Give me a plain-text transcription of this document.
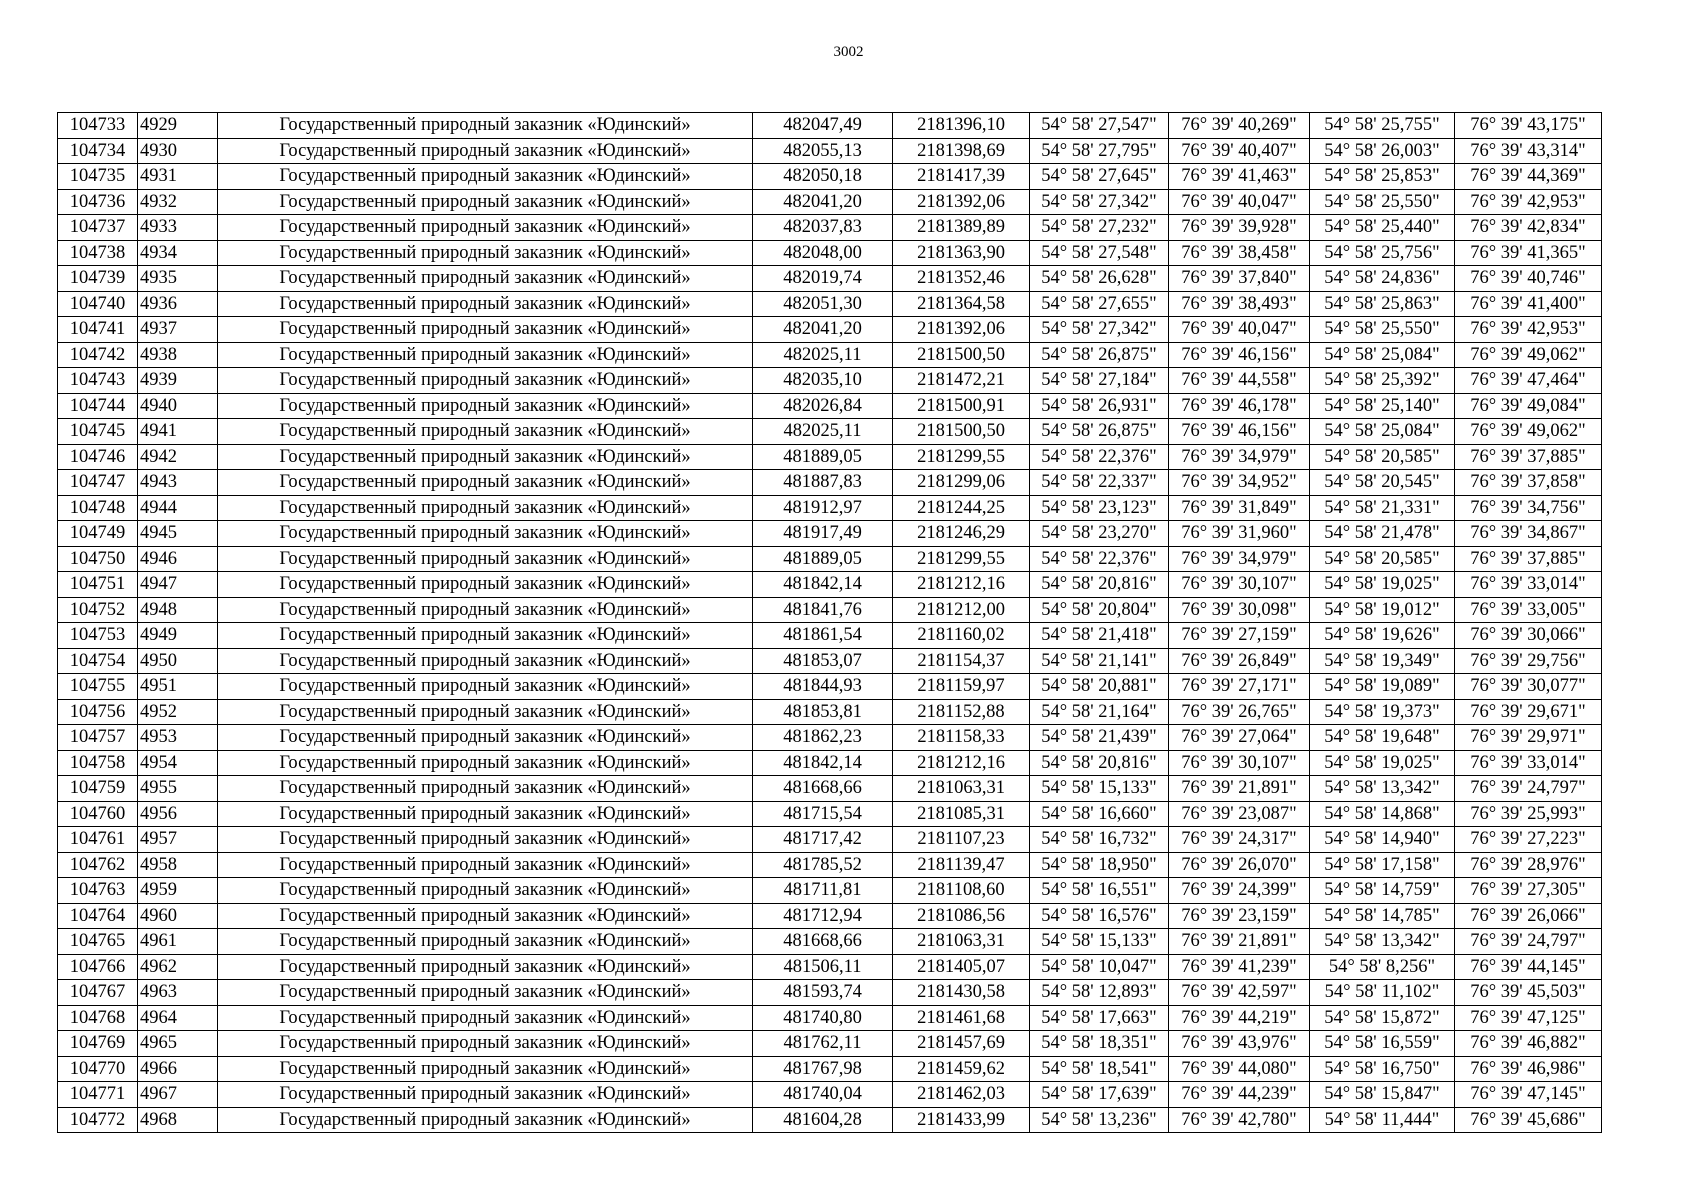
3002
104733	4929	Государственный природный заказник «Юдинский»	482047,49	2181396,10	54° 58' 27,547"	76° 39' 40,269"	54° 58' 25,755"	76° 39' 43,175"
104734	4930	Государственный природный заказник «Юдинский»	482055,13	2181398,69	54° 58' 27,795"	76° 39' 40,407"	54° 58' 26,003"	76° 39' 43,314"
104735	4931	Государственный природный заказник «Юдинский»	482050,18	2181417,39	54° 58' 27,645"	76° 39' 41,463"	54° 58' 25,853"	76° 39' 44,369"
104736	4932	Государственный природный заказник «Юдинский»	482041,20	2181392,06	54° 58' 27,342"	76° 39' 40,047"	54° 58' 25,550"	76° 39' 42,953"
104737	4933	Государственный природный заказник «Юдинский»	482037,83	2181389,89	54° 58' 27,232"	76° 39' 39,928"	54° 58' 25,440"	76° 39' 42,834"
104738	4934	Государственный природный заказник «Юдинский»	482048,00	2181363,90	54° 58' 27,548"	76° 39' 38,458"	54° 58' 25,756"	76° 39' 41,365"
104739	4935	Государственный природный заказник «Юдинский»	482019,74	2181352,46	54° 58' 26,628"	76° 39' 37,840"	54° 58' 24,836"	76° 39' 40,746"
104740	4936	Государственный природный заказник «Юдинский»	482051,30	2181364,58	54° 58' 27,655"	76° 39' 38,493"	54° 58' 25,863"	76° 39' 41,400"
104741	4937	Государственный природный заказник «Юдинский»	482041,20	2181392,06	54° 58' 27,342"	76° 39' 40,047"	54° 58' 25,550"	76° 39' 42,953"
104742	4938	Государственный природный заказник «Юдинский»	482025,11	2181500,50	54° 58' 26,875"	76° 39' 46,156"	54° 58' 25,084"	76° 39' 49,062"
104743	4939	Государственный природный заказник «Юдинский»	482035,10	2181472,21	54° 58' 27,184"	76° 39' 44,558"	54° 58' 25,392"	76° 39' 47,464"
104744	4940	Государственный природный заказник «Юдинский»	482026,84	2181500,91	54° 58' 26,931"	76° 39' 46,178"	54° 58' 25,140"	76° 39' 49,084"
104745	4941	Государственный природный заказник «Юдинский»	482025,11	2181500,50	54° 58' 26,875"	76° 39' 46,156"	54° 58' 25,084"	76° 39' 49,062"
104746	4942	Государственный природный заказник «Юдинский»	481889,05	2181299,55	54° 58' 22,376"	76° 39' 34,979"	54° 58' 20,585"	76° 39' 37,885"
104747	4943	Государственный природный заказник «Юдинский»	481887,83	2181299,06	54° 58' 22,337"	76° 39' 34,952"	54° 58' 20,545"	76° 39' 37,858"
104748	4944	Государственный природный заказник «Юдинский»	481912,97	2181244,25	54° 58' 23,123"	76° 39' 31,849"	54° 58' 21,331"	76° 39' 34,756"
104749	4945	Государственный природный заказник «Юдинский»	481917,49	2181246,29	54° 58' 23,270"	76° 39' 31,960"	54° 58' 21,478"	76° 39' 34,867"
104750	4946	Государственный природный заказник «Юдинский»	481889,05	2181299,55	54° 58' 22,376"	76° 39' 34,979"	54° 58' 20,585"	76° 39' 37,885"
104751	4947	Государственный природный заказник «Юдинский»	481842,14	2181212,16	54° 58' 20,816"	76° 39' 30,107"	54° 58' 19,025"	76° 39' 33,014"
104752	4948	Государственный природный заказник «Юдинский»	481841,76	2181212,00	54° 58' 20,804"	76° 39' 30,098"	54° 58' 19,012"	76° 39' 33,005"
104753	4949	Государственный природный заказник «Юдинский»	481861,54	2181160,02	54° 58' 21,418"	76° 39' 27,159"	54° 58' 19,626"	76° 39' 30,066"
104754	4950	Государственный природный заказник «Юдинский»	481853,07	2181154,37	54° 58' 21,141"	76° 39' 26,849"	54° 58' 19,349"	76° 39' 29,756"
104755	4951	Государственный природный заказник «Юдинский»	481844,93	2181159,97	54° 58' 20,881"	76° 39' 27,171"	54° 58' 19,089"	76° 39' 30,077"
104756	4952	Государственный природный заказник «Юдинский»	481853,81	2181152,88	54° 58' 21,164"	76° 39' 26,765"	54° 58' 19,373"	76° 39' 29,671"
104757	4953	Государственный природный заказник «Юдинский»	481862,23	2181158,33	54° 58' 21,439"	76° 39' 27,064"	54° 58' 19,648"	76° 39' 29,971"
104758	4954	Государственный природный заказник «Юдинский»	481842,14	2181212,16	54° 58' 20,816"	76° 39' 30,107"	54° 58' 19,025"	76° 39' 33,014"
104759	4955	Государственный природный заказник «Юдинский»	481668,66	2181063,31	54° 58' 15,133"	76° 39' 21,891"	54° 58' 13,342"	76° 39' 24,797"
104760	4956	Государственный природный заказник «Юдинский»	481715,54	2181085,31	54° 58' 16,660"	76° 39' 23,087"	54° 58' 14,868"	76° 39' 25,993"
104761	4957	Государственный природный заказник «Юдинский»	481717,42	2181107,23	54° 58' 16,732"	76° 39' 24,317"	54° 58' 14,940"	76° 39' 27,223"
104762	4958	Государственный природный заказник «Юдинский»	481785,52	2181139,47	54° 58' 18,950"	76° 39' 26,070"	54° 58' 17,158"	76° 39' 28,976"
104763	4959	Государственный природный заказник «Юдинский»	481711,81	2181108,60	54° 58' 16,551"	76° 39' 24,399"	54° 58' 14,759"	76° 39' 27,305"
104764	4960	Государственный природный заказник «Юдинский»	481712,94	2181086,56	54° 58' 16,576"	76° 39' 23,159"	54° 58' 14,785"	76° 39' 26,066"
104765	4961	Государственный природный заказник «Юдинский»	481668,66	2181063,31	54° 58' 15,133"	76° 39' 21,891"	54° 58' 13,342"	76° 39' 24,797"
104766	4962	Государственный природный заказник «Юдинский»	481506,11	2181405,07	54° 58' 10,047"	76° 39' 41,239"	54° 58' 8,256"	76° 39' 44,145"
104767	4963	Государственный природный заказник «Юдинский»	481593,74	2181430,58	54° 58' 12,893"	76° 39' 42,597"	54° 58' 11,102"	76° 39' 45,503"
104768	4964	Государственный природный заказник «Юдинский»	481740,80	2181461,68	54° 58' 17,663"	76° 39' 44,219"	54° 58' 15,872"	76° 39' 47,125"
104769	4965	Государственный природный заказник «Юдинский»	481762,11	2181457,69	54° 58' 18,351"	76° 39' 43,976"	54° 58' 16,559"	76° 39' 46,882"
104770	4966	Государственный природный заказник «Юдинский»	481767,98	2181459,62	54° 58' 18,541"	76° 39' 44,080"	54° 58' 16,750"	76° 39' 46,986"
104771	4967	Государственный природный заказник «Юдинский»	481740,04	2181462,03	54° 58' 17,639"	76° 39' 44,239"	54° 58' 15,847"	76° 39' 47,145"
104772	4968	Государственный природный заказник «Юдинский»	481604,28	2181433,99	54° 58' 13,236"	76° 39' 42,780"	54° 58' 11,444"	76° 39' 45,686"
